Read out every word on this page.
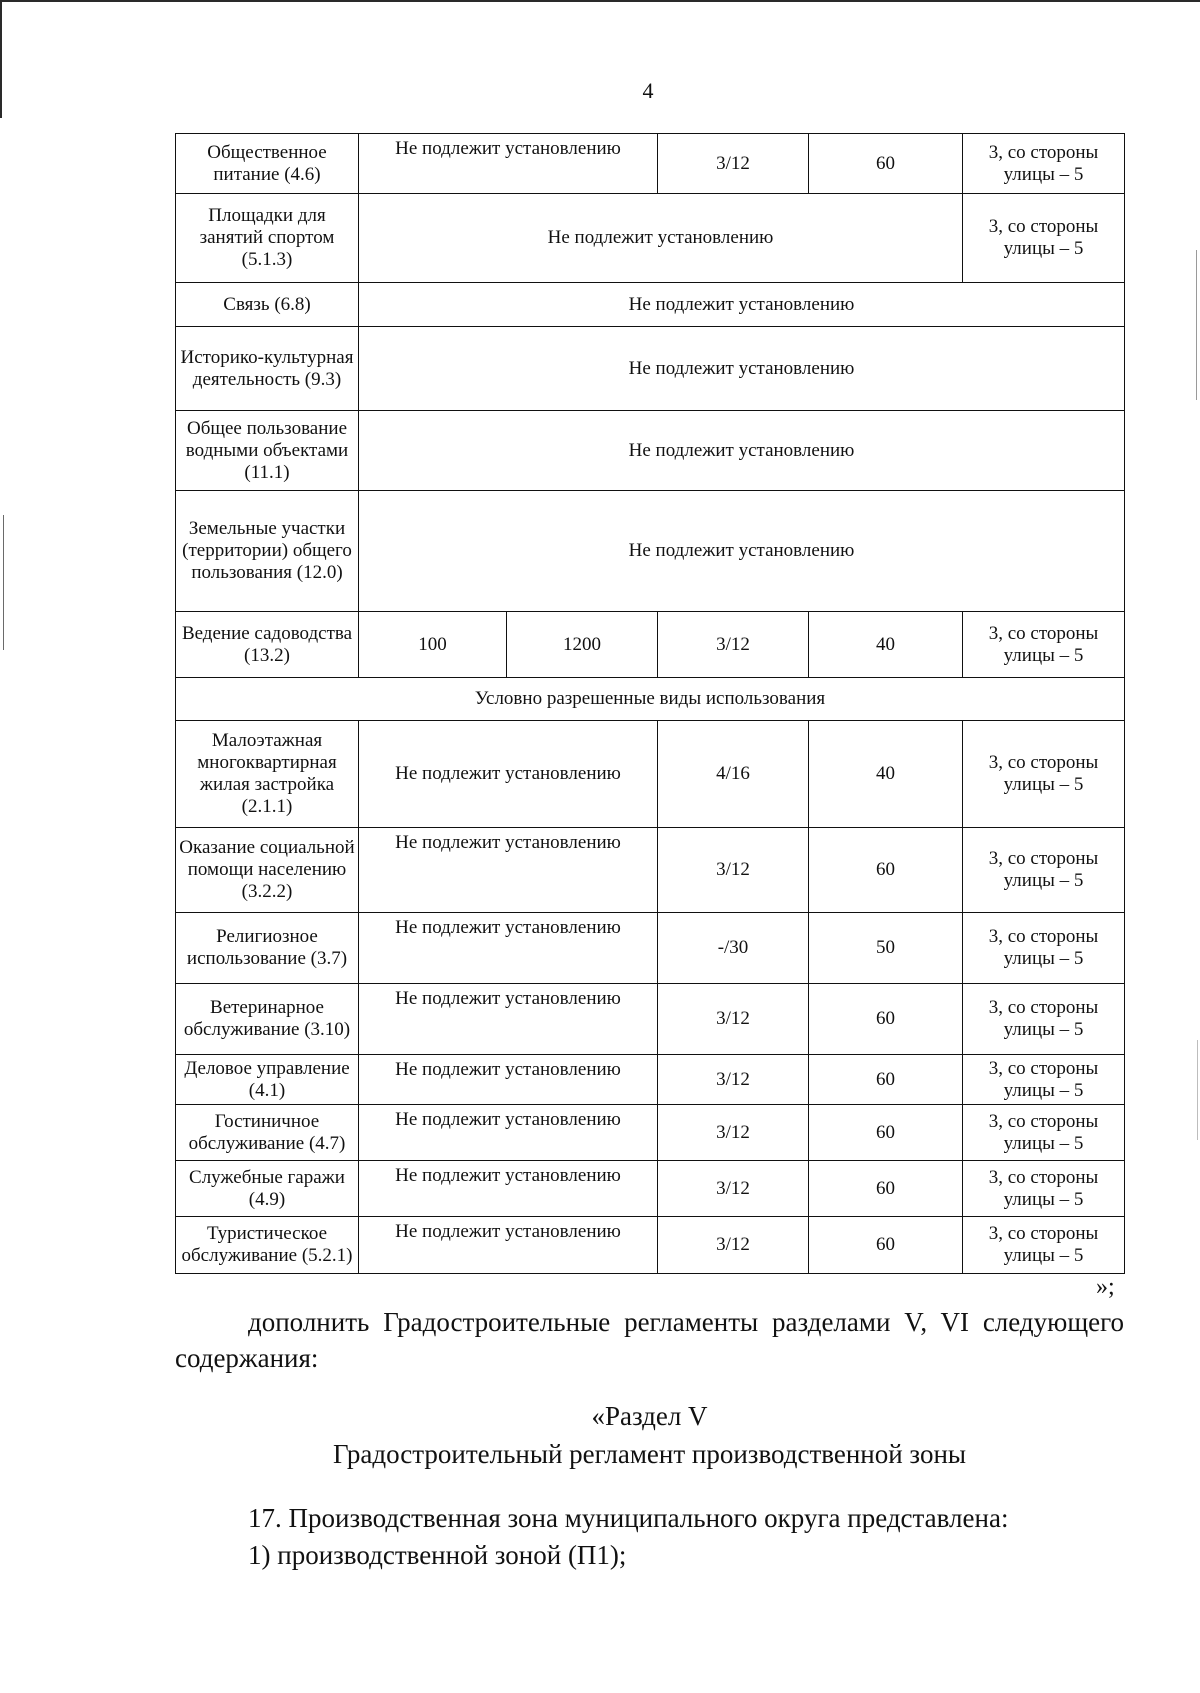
4
Общественное питание (4.6)	Не подлежит установлению		3/12	60	3, со стороны улицы – 5
Площадки для занятий спортом (5.1.3)	Не подлежит установлению				3, со стороны улицы – 5
Связь (6.8)	Не подлежит установлению				
Историко-культурная деятельность (9.3)	Не подлежит установлению				
Общее пользование водными объектами (11.1)	Не подлежит установлению				
Земельные участки (территории) общего пользования (12.0)	Не подлежит установлению				
Ведение садоводства (13.2)	100	1200	3/12	40	3, со стороны улицы – 5
Условно разрешенные виды использования					
Малоэтажная многоквартирная жилая застройка (2.1.1)	Не подлежит установлению		4/16	40	3, со стороны улицы – 5
Оказание социальной помощи населению (3.2.2)	Не подлежит установлению		3/12	60	3, со стороны улицы – 5
Религиозное использование (3.7)	Не подлежит установлению		-/30	50	3, со стороны улицы – 5
Ветеринарное обслуживание (3.10)	Не подлежит установлению		3/12	60	3, со стороны улицы – 5
Деловое управление (4.1)	Не подлежит установлению		3/12	60	3, со стороны улицы – 5
Гостиничное обслуживание (4.7)	Не подлежит установлению		3/12	60	3, со стороны улицы – 5
Служебные гаражи (4.9)	Не подлежит установлению		3/12	60	3, со стороны улицы – 5
Туристическое обслуживание (5.2.1)	Не подлежит установлению		3/12	60	3, со стороны улицы – 5
»;
дополнить Градостроительные регламенты разделами V, VI следующего содержания:
«Раздел V
Градостроительный регламент производственной зоны
17. Производственная зона муниципального округа представлена:
1) производственной зоной (П1);
